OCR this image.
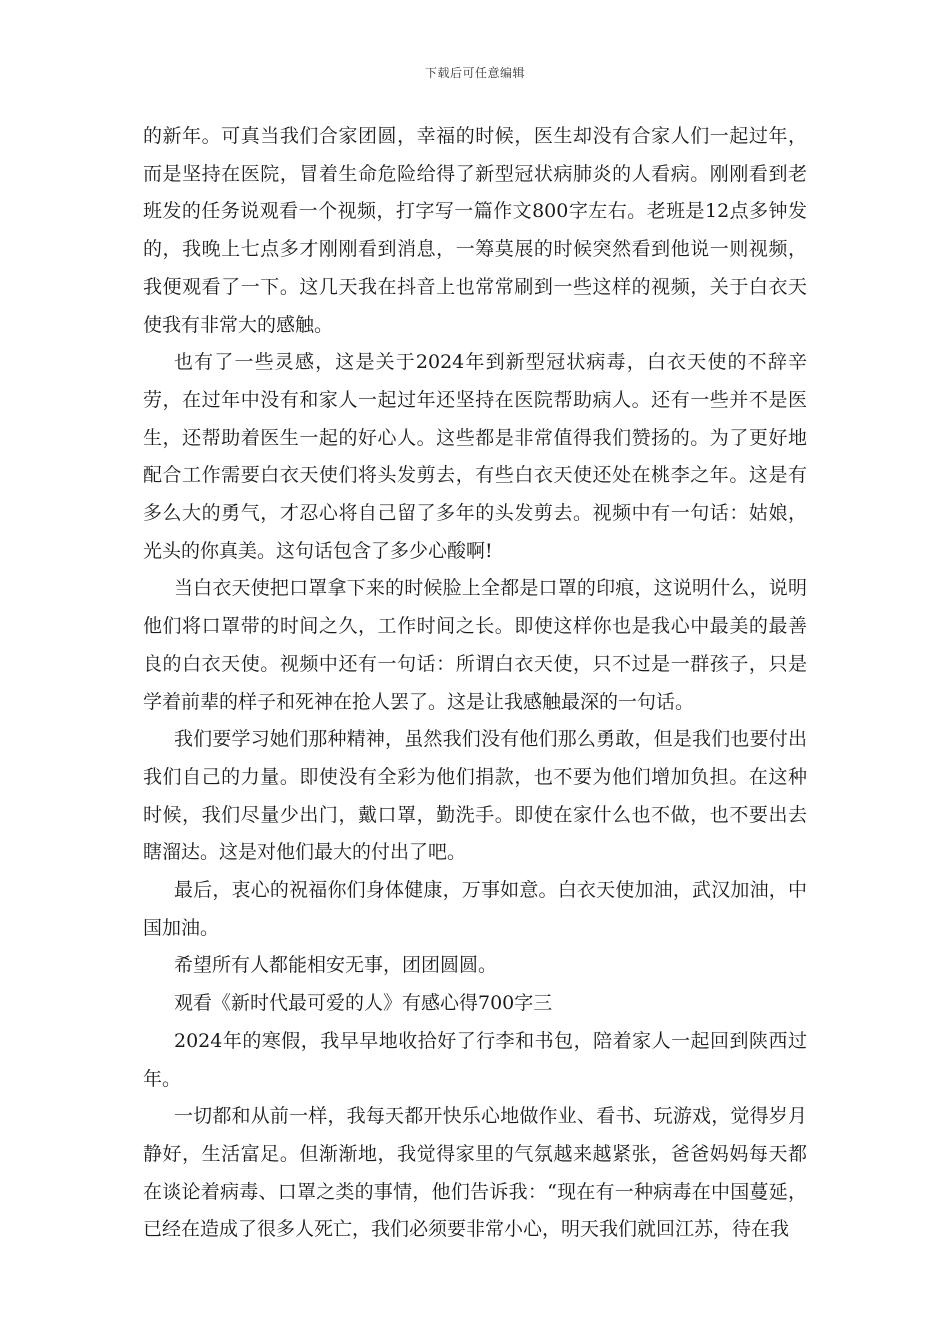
下载后可任意编辑

的新年。可真当我们合家团圆，幸福的时候，医生却没有合家人们一起过年，而是坚持在医院，冒着生命危险给得了新型冠状病肺炎的人看病。刚刚看到老班发的任务说观看一个视频，打字写一篇作文800字左右。老班是12点多钟发的，我晚上七点多才刚刚看到消息，一筹莫展的时候突然看到他说一则视频，我便观看了一下。这几天我在抖音上也常常刷到一些这样的视频，关于白衣天使我有非常大的感触。

也有了一些灵感，这是关于2024年到新型冠状病毒，白衣天使的不辞辛劳，在过年中没有和家人一起过年还坚持在医院帮助病人。还有一些并不是医生，还帮助着医生一起的好心人。这些都是非常值得我们赞扬的。为了更好地配合工作需要白衣天使们将头发剪去，有些白衣天使还处在桃李之年。这是有多么大的勇气，才忍心将自己留了多年的头发剪去。视频中有一句话：姑娘，光头的你真美。这句话包含了多少心酸啊!

当白衣天使把口罩拿下来的时候脸上全都是口罩的印痕，这说明什么，说明他们将口罩带的时间之久，工作时间之长。即使这样你也是我心中最美的最善良的白衣天使。视频中还有一句话：所谓白衣天使，只不过是一群孩子，只是学着前辈的样子和死神在抢人罢了。这是让我感触最深的一句话。

我们要学习她们那种精神，虽然我们没有他们那么勇敢，但是我们也要付出我们自己的力量。即使没有全彩为他们捐款，也不要为他们增加负担。在这种时候，我们尽量少出门，戴口罩，勤洗手。即使在家什么也不做，也不要出去瞎溜达。这是对他们最大的付出了吧。

最后，衷心的祝福你们身体健康，万事如意。白衣天使加油，武汉加油，中国加油。

希望所有人都能相安无事，团团圆圆。

观看《新时代最可爱的人》有感心得700字三

2024年的寒假，我早早地收拾好了行李和书包，陪着家人一起回到陕西过年。

一切都和从前一样，我每天都开快乐心地做作业、看书、玩游戏，觉得岁月静好，生活富足。但渐渐地，我觉得家里的气氛越来越紧张，爸爸妈妈每天都在谈论着病毒、口罩之类的事情，他们告诉我：“现在有一种病毒在中国蔓延，已经在造成了很多人死亡，我们必须要非常小心，明天我们就回江苏，待在我
